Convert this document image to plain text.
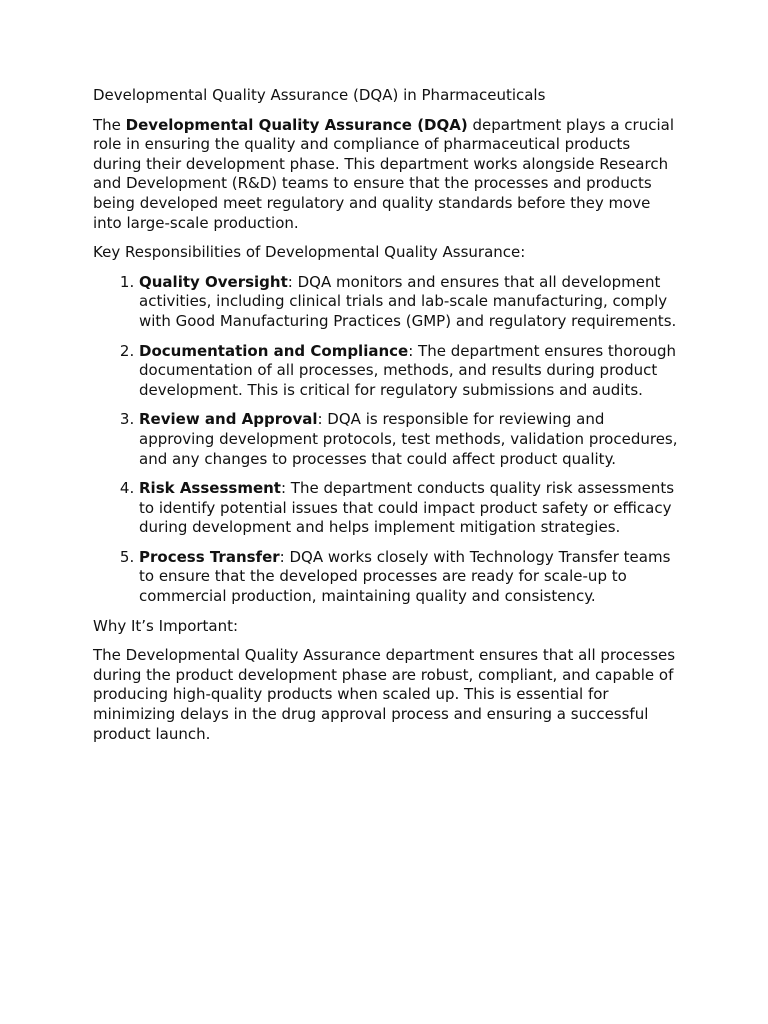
Developmental Quality Assurance (DQA) in Pharmaceuticals

The Developmental Quality Assurance (DQA) department plays a crucial role in ensuring the quality and compliance of pharmaceutical products during their development phase. This department works alongside Research and Development (R&D) teams to ensure that the processes and products being developed meet regulatory and quality standards before they move into large-scale production.

Key Responsibilities of Developmental Quality Assurance:

1. Quality Oversight: DQA monitors and ensures that all development activities, including clinical trials and lab-scale manufacturing, comply with Good Manufacturing Practices (GMP) and regulatory requirements.
2. Documentation and Compliance: The department ensures thorough documentation of all processes, methods, and results during product development. This is critical for regulatory submissions and audits.
3. Review and Approval: DQA is responsible for reviewing and approving development protocols, test methods, validation procedures, and any changes to processes that could affect product quality.
4. Risk Assessment: The department conducts quality risk assessments to identify potential issues that could impact product safety or efficacy during development and helps implement mitigation strategies.
5. Process Transfer: DQA works closely with Technology Transfer teams to ensure that the developed processes are ready for scale-up to commercial production, maintaining quality and consistency.

Why It’s Important:

The Developmental Quality Assurance department ensures that all processes during the product development phase are robust, compliant, and capable of producing high-quality products when scaled up. This is essential for minimizing delays in the drug approval process and ensuring a successful product launch.
